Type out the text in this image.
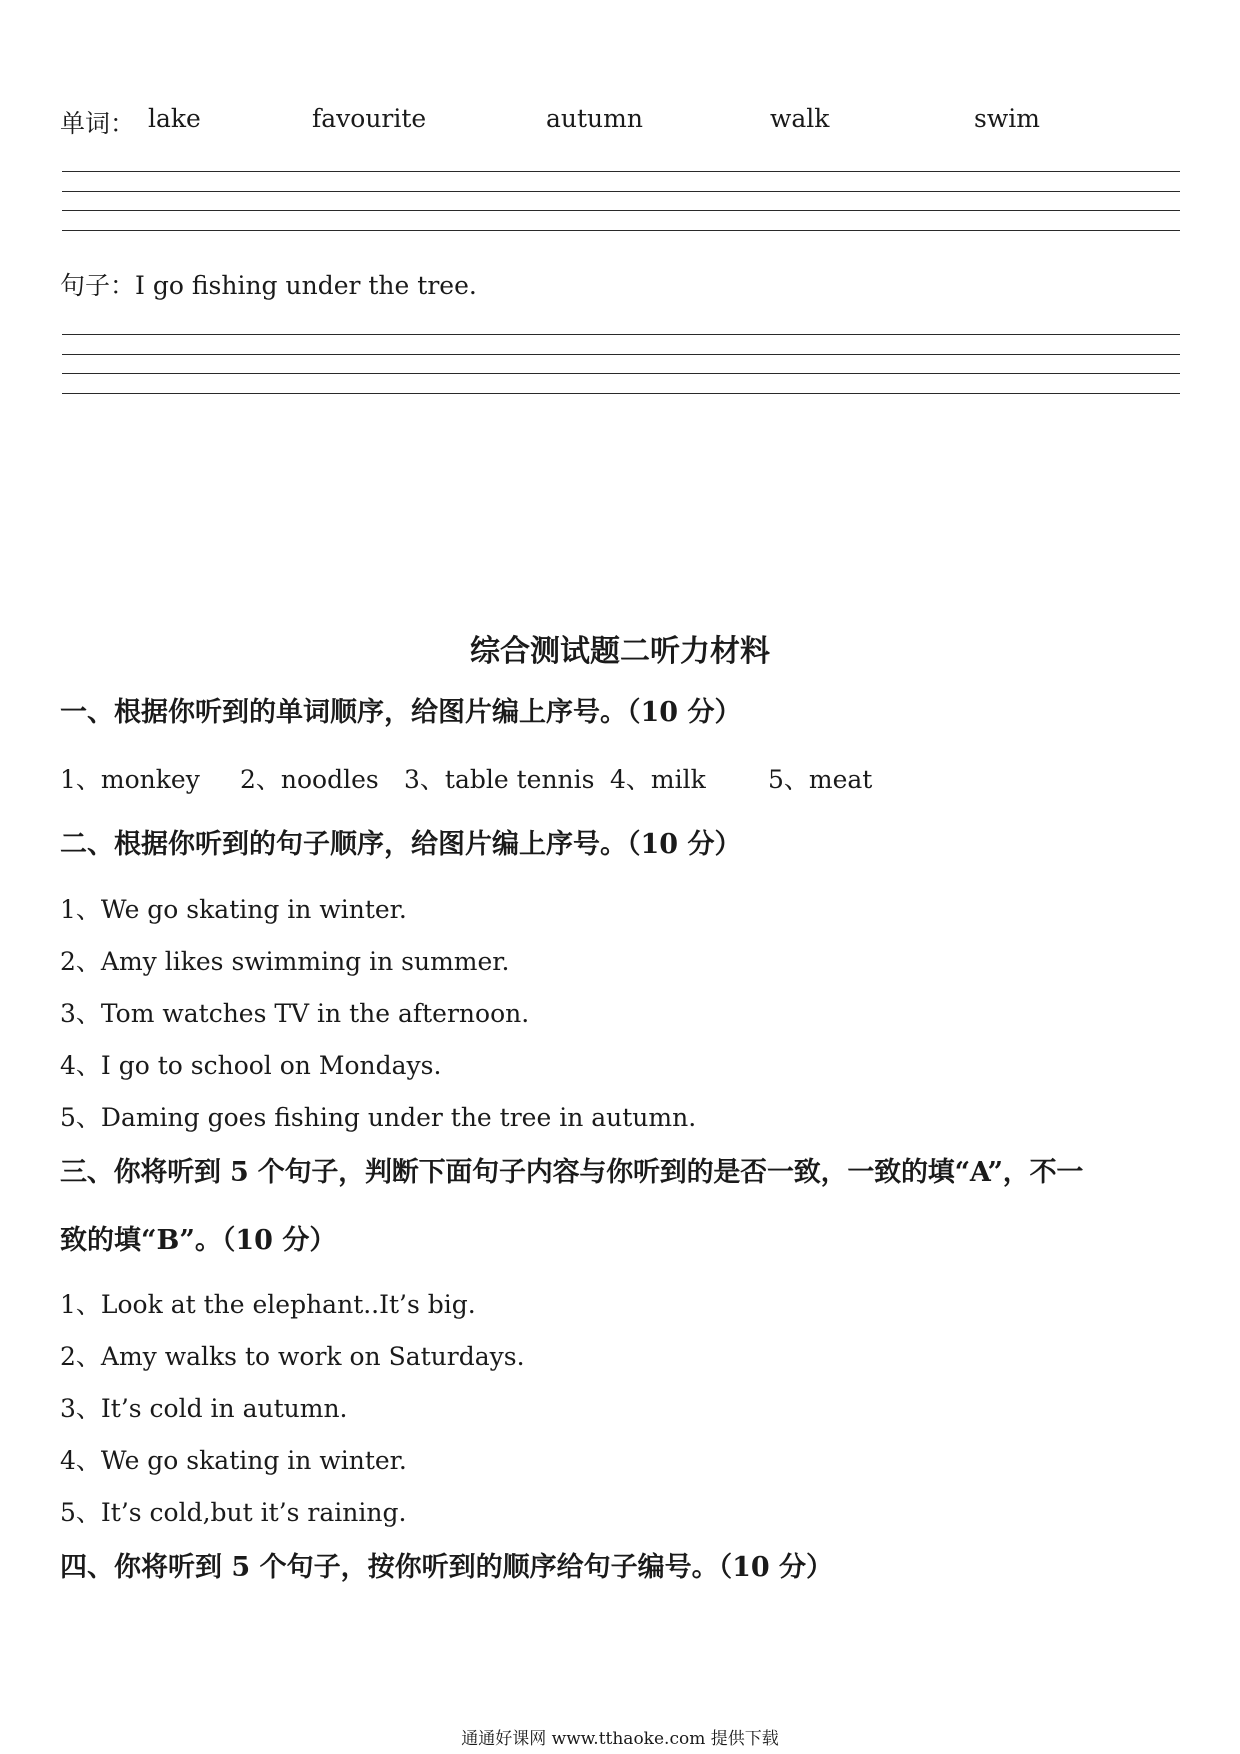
单词： lake	favourite	autumn	walk	swim
句子：I go fishing under the tree.
综合测试题二听力材料
一、根据你听到的单词顺序，给图片编上序号。（10 分）
1、monkey 2、noodles 3、table tennis 4、milk 5、meat
二、根据你听到的句子顺序，给图片编上序号。（10 分）
1、We go skating in winter.
2、Amy likes swimming in summer.
3、Tom watches TV in the afternoon.
4、I go to school on Mondays.
5、Daming goes fishing under the tree in autumn.
三、你将听到 5 个句子，判断下面句子内容与你听到的是否一致，一致的填“A”，不一
致的填“B”。（10 分）
1、Look at the elephant..It’s big.
2、Amy walks to work on Saturdays.
3、It’s cold in autumn.
4、We go skating in winter.
5、It’s cold,but it’s raining.
四、你将听到 5 个句子，按你听到的顺序给句子编号。（10 分）
通通好课网 www.tthaoke.com 提供下载
